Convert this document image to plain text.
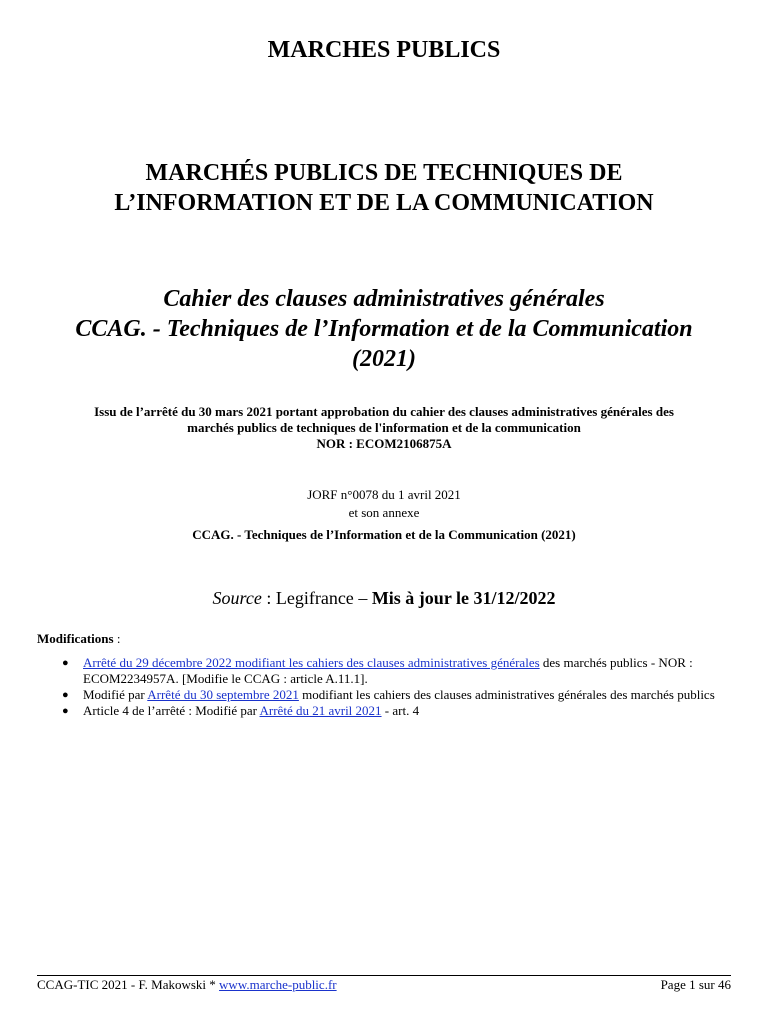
MARCHES PUBLICS
MARCHÉS PUBLICS DE TECHNIQUES DE
L’INFORMATION ET DE LA COMMUNICATION
Cahier des clauses administratives générales
CCAG. - Techniques de l’Information et de la Communication
(2021)
Issu de l’arrêté du 30 mars 2021 portant approbation du cahier des clauses administratives générales des
marchés publics de techniques de l'information et de la communication
NOR : ECOM2106875A
JORF n°0078 du 1 avril 2021
et son annexe
CCAG. - Techniques de l’Information et de la Communication (2021)
Source : Legifrance – Mis à jour le 31/12/2022
Modifications :
● Arrêté du 29 décembre 2022 modifiant les cahiers des clauses administratives générales des marchés publics - NOR : ECOM2234957A. [Modifie le CCAG : article A.11.1].
● Modifié par Arrêté du 30 septembre 2021 modifiant les cahiers des clauses administratives générales des marchés publics
● Article 4 de l’arrêté : Modifié par Arrêté du 21 avril 2021 - art. 4
CCAG-TIC 2021 - F. Makowski * www.marche-public.fr	Page 1 sur 46
